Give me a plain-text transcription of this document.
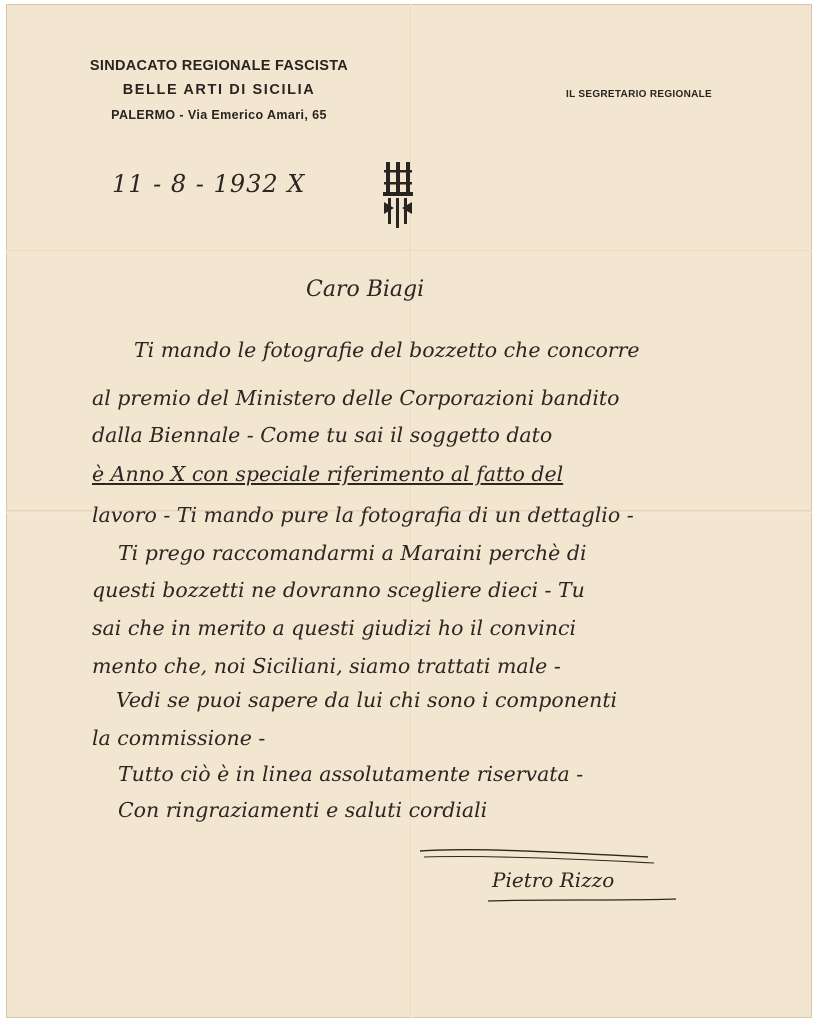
SINDACATO REGIONALE FASCISTA
BELLE ARTI DI SICILIA
PALERMO - Via Emerico Amari, 65
IL SEGRETARIO REGIONALE
11 - 8 - 1932 X
Caro Biagi
Ti mando le fotografie del bozzetto che concorre
al premio del Ministero delle Corporazioni bandito
dalla Biennale - Come tu sai il soggetto dato
è Anno X con speciale riferimento al fatto del
lavoro - Ti mando pure la fotografia di un dettaglio -
Ti prego raccomandarmi a Maraini perchè di
questi bozzetti ne dovranno scegliere dieci - Tu
sai che in merito a questi giudizi ho il convinci
mento che, noi Siciliani, siamo trattati male -
Vedi se puoi sapere da lui chi sono i componenti
la commissione -
Tutto ciò è in linea assolutamente riservata -
Con ringraziamenti e saluti cordiali
Pietro Rizzo
